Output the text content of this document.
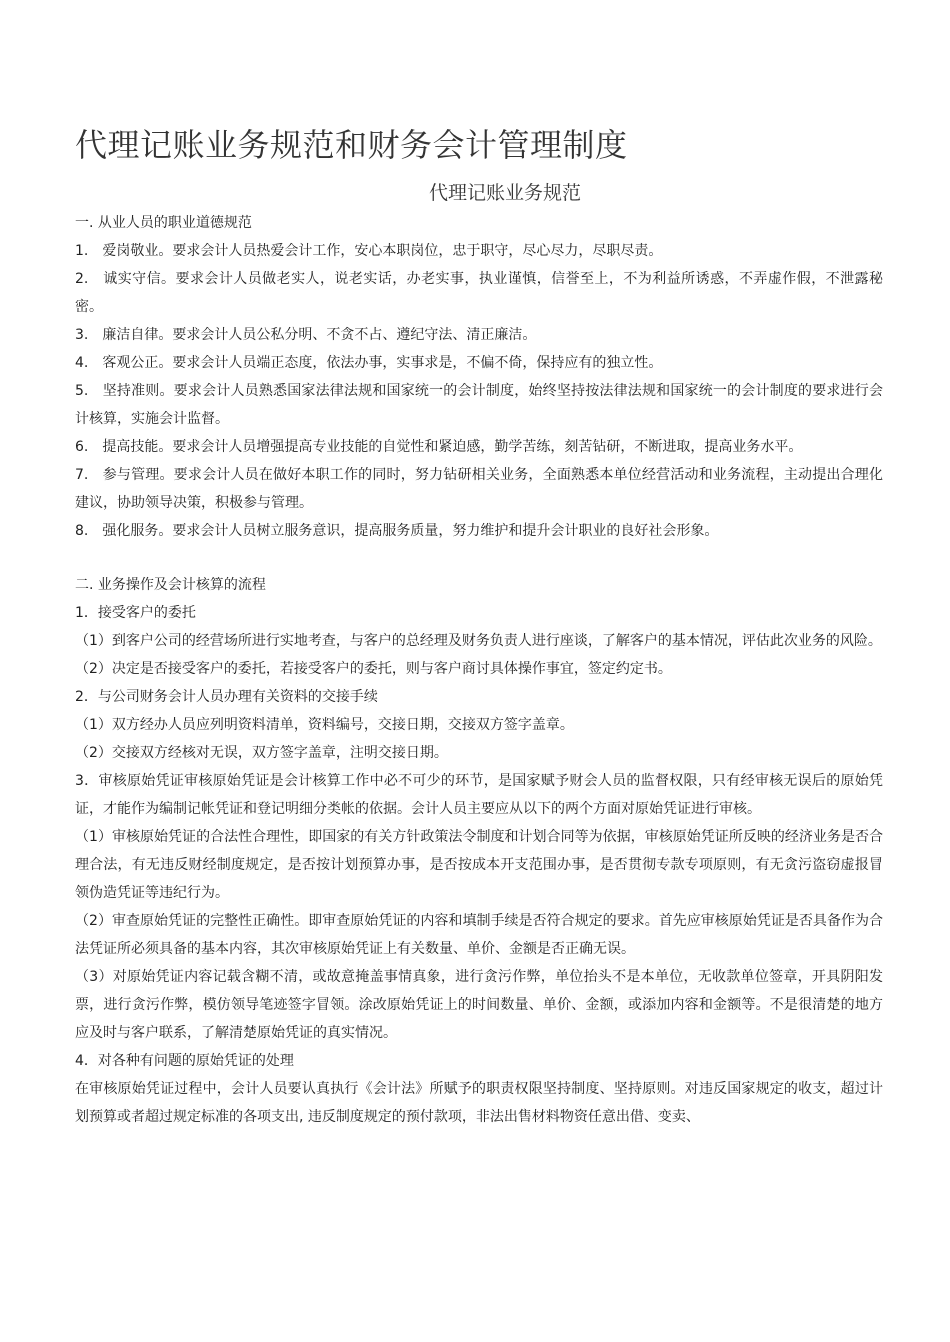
代理记账业务规范和财务会计管理制度
代理记账业务规范

一. 从业人员的职业道德规范

1.　爱岗敬业。要求会计人员热爱会计工作，安心本职岗位，忠于职守，尽心尽力，尽职尽责。

2.　诚实守信。要求会计人员做老实人，说老实话，办老实事，执业谨慎，信誉至上，不为利益所诱惑，不弄虚作假，不泄露秘密。

3.　廉洁自律。要求会计人员公私分明、不贪不占、遵纪守法、清正廉洁。

4.　客观公正。要求会计人员端正态度，依法办事，实事求是，不偏不倚，保持应有的独立性。

5.　坚持准则。要求会计人员熟悉国家法律法规和国家统一的会计制度，始终坚持按法律法规和国家统一的会计制度的要求进行会计核算，实施会计监督。

6.　提高技能。要求会计人员增强提高专业技能的自觉性和紧迫感，勤学苦练，刻苦钻研，不断进取，提高业务水平。

7.　参与管理。要求会计人员在做好本职工作的同时，努力钻研相关业务，全面熟悉本单位经营活动和业务流程，主动提出合理化建议，协助领导决策，积极参与管理。

8.　强化服务。要求会计人员树立服务意识，提高服务质量，努力维护和提升会计职业的良好社会形象。

二. 业务操作及会计核算的流程

1．接受客户的委托

（1）到客户公司的经营场所进行实地考查，与客户的总经理及财务负责人进行座谈，了解客户的基本情况，评估此次业务的风险。

（2）决定是否接受客户的委托，若接受客户的委托，则与客户商讨具体操作事宜，签定约定书。

2．与公司财务会计人员办理有关资料的交接手续

（1）双方经办人员应列明资料清单，资料编号，交接日期，交接双方签字盖章。

（2）交接双方经核对无误，双方签字盖章，注明交接日期。

3．审核原始凭证审核原始凭证是会计核算工作中必不可少的环节，是国家赋予财会人员的监督权限，只有经审核无误后的原始凭证，才能作为编制记帐凭证和登记明细分类帐的依据。会计人员主要应从以下的两个方面对原始凭证进行审核。

（1）审核原始凭证的合法性合理性，即国家的有关方针政策法令制度和计划合同等为依据，审核原始凭证所反映的经济业务是否合理合法，有无违反财经制度规定，是否按计划预算办事，是否按成本开支范围办事，是否贯彻专款专项原则，有无贪污盗窃虚报冒领伪造凭证等违纪行为。

（2）审查原始凭证的完整性正确性。即审查原始凭证的内容和填制手续是否符合规定的要求。首先应审核原始凭证是否具备作为合法凭证所必须具备的基本内容，其次审核原始凭证上有关数量、单价、金额是否正确无误。

（3）对原始凭证内容记载含糊不清，或故意掩盖事情真象，进行贪污作弊，单位抬头不是本单位，无收款单位签章，开具阴阳发票，进行贪污作弊，模仿领导笔迹签字冒领。涂改原始凭证上的时间数量、单价、金额，或添加内容和金额等。不是很清楚的地方应及时与客户联系，了解清楚原始凭证的真实情况。

4．对各种有问题的原始凭证的处理

在审核原始凭证过程中，会计人员要认真执行《会计法》所赋予的职责权限坚持制度、坚持原则。对违反国家规定的收支，超过计划预算或者超过规定标准的各项支出, 违反制度规定的预付款项，非法出售材料物资任意出借、变卖、
